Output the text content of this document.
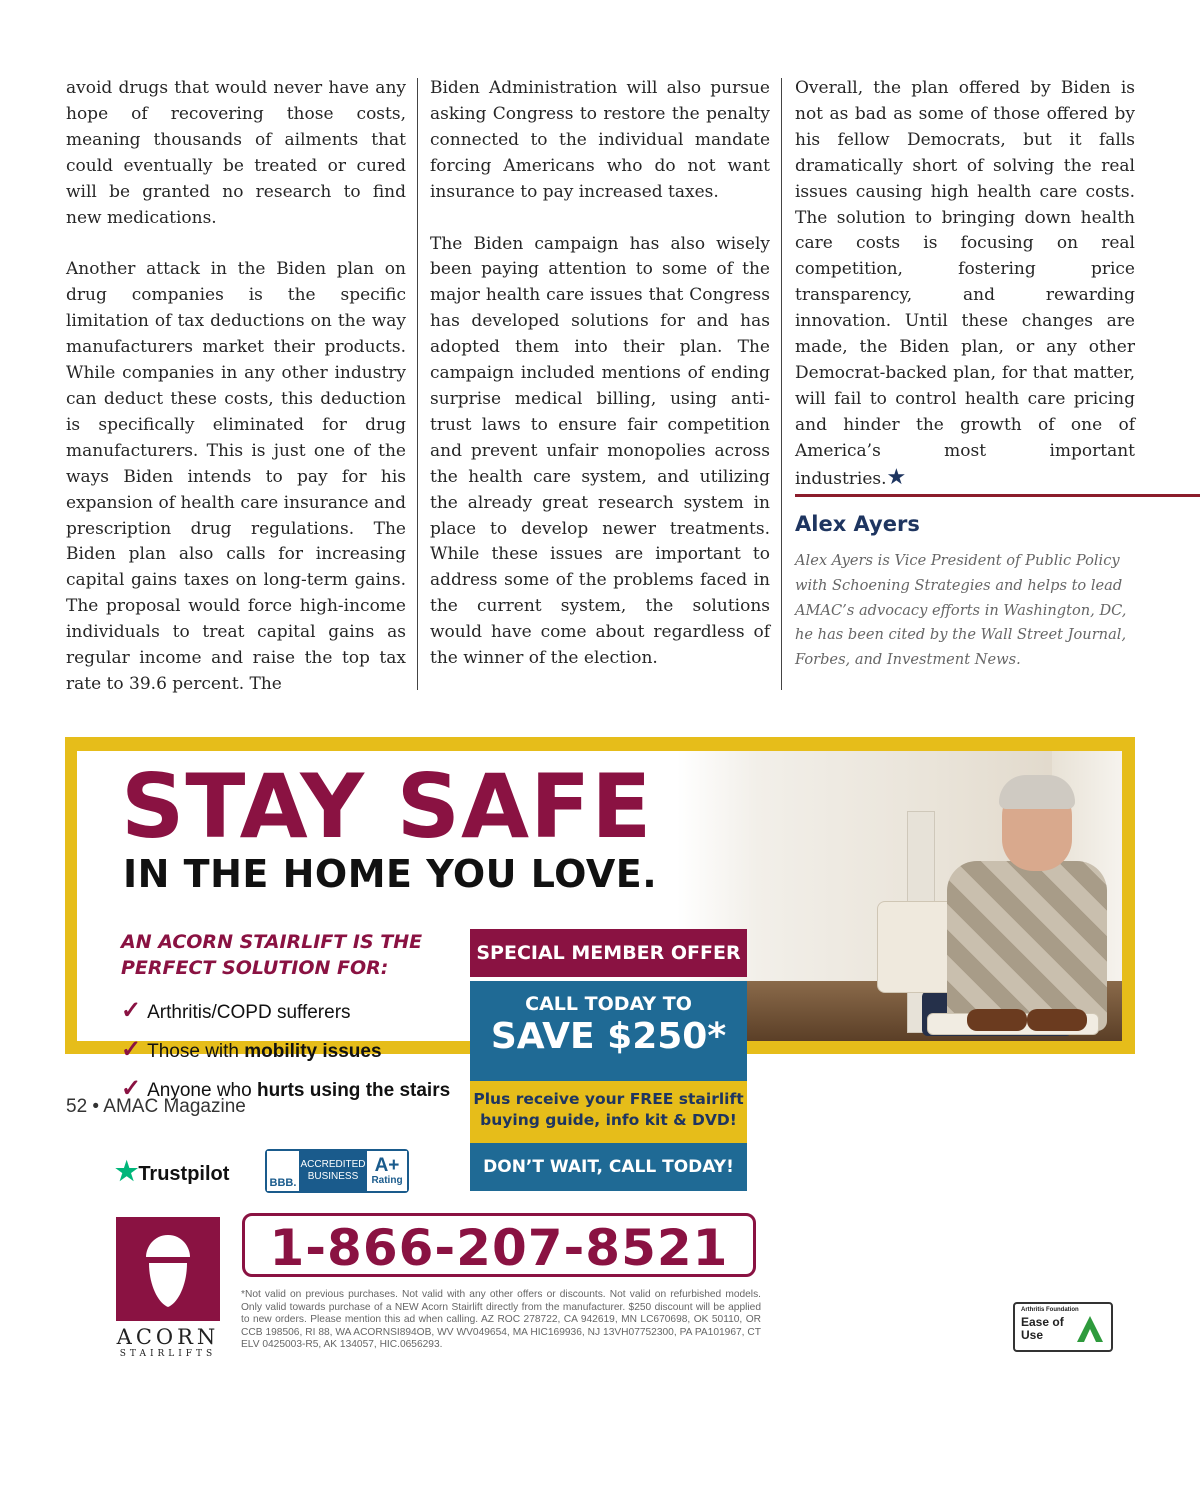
avoid drugs that would never have any hope of recovering those costs, meaning thousands of ailments that could eventually be treated or cured will be granted no research to find new medications.

Another attack in the Biden plan on drug companies is the specific limitation of tax deductions on the way manufacturers market their products. While companies in any other industry can deduct these costs, this deduction is specifically eliminated for drug manufacturers. This is just one of the ways Biden intends to pay for his expansion of health care insurance and prescription drug regulations. The Biden plan also calls for increasing capital gains taxes on long-term gains. The proposal would force high-income individuals to treat capital gains as regular income and raise the top tax rate to 39.6 percent. The

Biden Administration will also pursue asking Congress to restore the penalty connected to the individual mandate forcing Americans who do not want insurance to pay increased taxes.

The Biden campaign has also wisely been paying attention to some of the major health care issues that Congress has developed solutions for and has adopted them into their plan. The campaign included mentions of ending surprise medical billing, using anti-trust laws to ensure fair competition and prevent unfair monopolies across the health care system, and utilizing the already great research system in place to develop newer treatments. While these issues are important to address some of the problems faced in the current system, the solutions would have come about regardless of the winner of the election.

Overall, the plan offered by Biden is not as bad as some of those offered by his fellow Democrats, but it falls dramatically short of solving the real issues causing high health care costs. The solution to bringing down health care costs is focusing on real competition, fostering price transparency, and rewarding innovation. Until these changes are made, the Biden plan, or any other Democrat-backed plan, for that matter, will fail to control health care pricing and hinder the growth of one of America’s most important industries.★

Alex Ayers
Alex Ayers is Vice President of Public Policy with Schoening Strategies and helps to lead AMAC’s advocacy efforts in Washington, DC, he has been cited by the Wall Street Journal, Forbes, and Investment News.
STAY SAFE
IN THE HOME YOU LOVE.
AN ACORN STAIRLIFT IS THE PERFECT SOLUTION FOR:
✓ Arthritis/COPD sufferers
✓ Those with mobility issues
✓ Anyone who hurts using the stairs
★Trustpilot	BBB.
ACCREDITED BUSINESS
A+
Rating
SPECIAL MEMBER OFFER
CALL TODAY TO
SAVE $250*
Plus receive your FREE stairlift buying guide, info kit & DVD!
DON’T WAIT, CALL TODAY!
ACORN
STAIRLIFTS
1-866-207-8521
*Not valid on previous purchases. Not valid with any other offers or discounts. Not valid on refurbished models. Only valid towards purchase of a NEW Acorn Stairlift directly from the manufacturer. $250 discount will be applied to new orders. Please mention this ad when calling. AZ ROC 278722, CA 942619, MN LC670698, OK 50110, OR CCB 198506, RI 88, WA ACORNSI894OB, WV WV049654, MA HIC169936, NJ 13VH07752300, PA PA101967, CT ELV 0425003-R5, AK 134057, HIC.0656293.
Arthritis Foundation
Ease of Use
52 • AMAC Magazine
